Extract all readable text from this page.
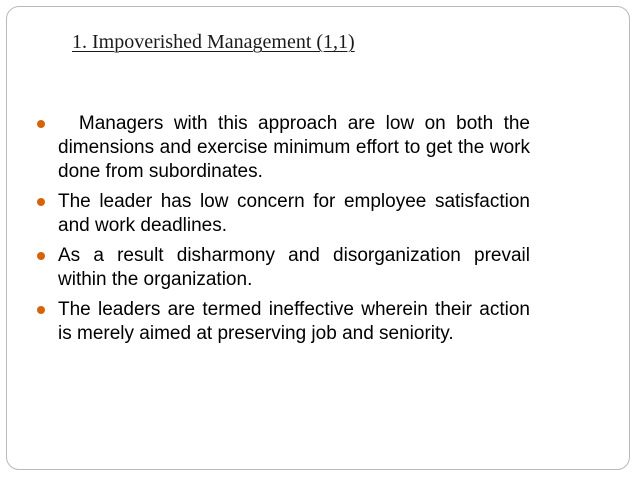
1. Impoverished Management (1,1)
Managers with this approach are low on both the dimensions and exercise minimum effort to get the work done from subordinates.
The leader has low concern for employee satisfaction and work deadlines.
As a result disharmony and disorganization prevail within the organization.
The leaders are termed ineffective wherein their action is merely aimed at preserving job and seniority.
